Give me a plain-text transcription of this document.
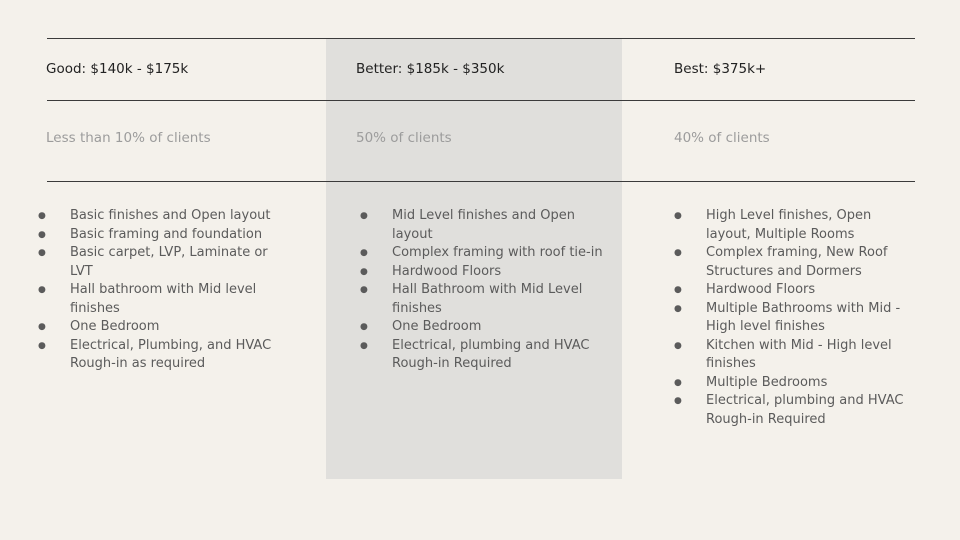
Good: $140k - $175k
Less than 10% of clients
● Basic finishes and Open layout
● Basic framing and foundation
● Basic carpet, LVP, Laminate or LVT
● Hall bathroom with Mid level finishes
● One Bedroom
● Electrical, Plumbing, and HVAC Rough-in as required
Better: $185k - $350k
50% of clients
● Mid Level finishes and Open layout
● Complex framing with roof tie-in
● Hardwood Floors
● Hall Bathroom with Mid Level finishes
● One Bedroom
● Electrical, plumbing and HVAC Rough-in Required
Best: $375k+
40% of clients
● High Level finishes, Open layout, Multiple Rooms
● Complex framing, New Roof Structures and Dormers
● Hardwood Floors
● Multiple Bathrooms with Mid - High level finishes
● Kitchen with Mid - High level finishes
● Multiple Bedrooms
● Electrical, plumbing and HVAC Rough-in Required
